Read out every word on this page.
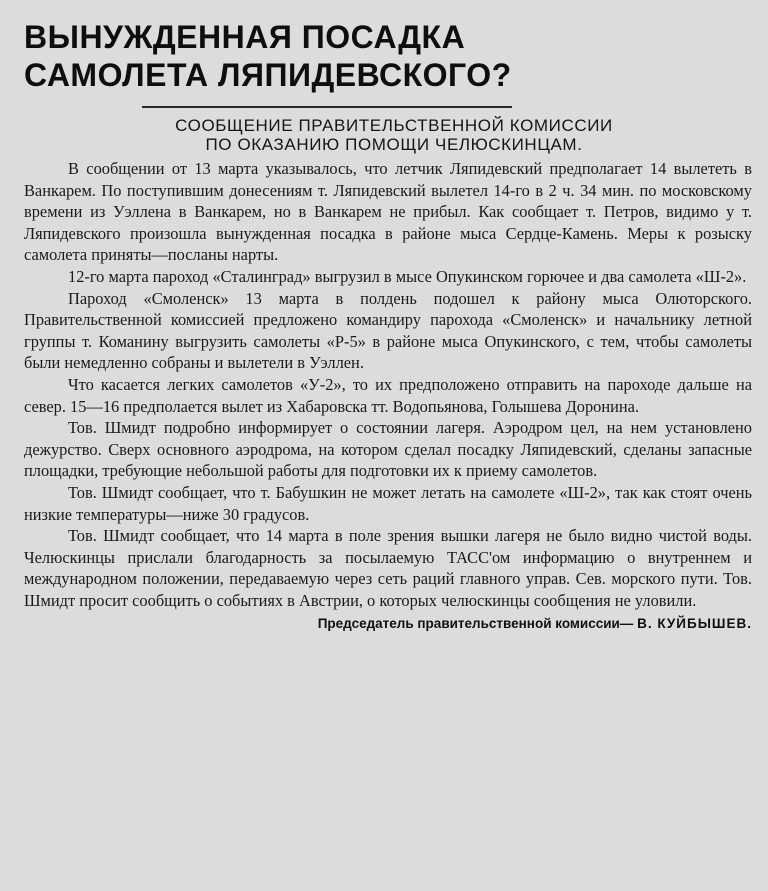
ВЫНУЖДЕННАЯ ПОСАДКА
САМОЛЕТА ЛЯПИДЕВСКОГО?
СООБЩЕНИЕ ПРАВИТЕЛЬСТВЕННОЙ КОМИССИИ
ПО ОКАЗАНИЮ ПОМОЩИ ЧЕЛЮСКИНЦАМ.

В сообщении от 13 марта указывалось, что летчик Ляпидевский предполагает 14 вылететь в Ванкарем. По поступившим донесениям т. Ляпидевский вылетел 14-го в 2 ч. 34 мин. по московскому времени из Уэллена в Ванкарем, но в Ванкарем не прибыл. Как сообщает т. Петров, видимо у т. Ляпидевского произошла вынужденная посадка в районе мыса Сердце-Камень. Меры к розыску самолета приняты—посланы нарты.

12-го марта пароход «Сталинград» выгрузил в мысе Опукинском горючее и два самолета «Ш-2».

Пароход «Смоленск» 13 марта в полдень подошел к району мыса Олюторского. Правительственной комиссией предложено командиру парохода «Смоленск» и начальнику летной группы т. Команину выгрузить самолеты «Р-5» в районе мыса Опукинского, с тем, чтобы самолеты были немедленно собраны и вылетели в Уэллен.

Что касается легких самолетов «У-2», то их предположено отправить на пароходе дальше на север. 15—16 предполается вылет из Хабаровска тт. Водопьянова, Голышева Доронина.

Тов. Шмидт подробно информирует о состоянии лагеря. Аэродром цел, на нем установлено дежурство. Сверх основного аэродрома, на котором сделал посадку Ляпидевский, сделаны запасные площадки, требующие небольшой работы для подготовки их к приему самолетов.

Тов. Шмидт сообщает, что т. Бабушкин не может летать на самолете «Ш-2», так как стоят очень низкие температуры—ниже 30 градусов.

Тов. Шмидт сообщает, что 14 марта в поле зрения вышки лагеря не было видно чистой воды. Челюскинцы прислали благодарность за посылаемую ТАСС'ом информацию о внутреннем и международном положении, передаваемую через сеть раций главного управ. Сев. морского пути. Тов. Шмидт просит сообщить о событиях в Австрии, о которых челюскинцы сообщения не уловили.

Председатель правительственной комиссии— В. КУЙБЫШЕВ.
